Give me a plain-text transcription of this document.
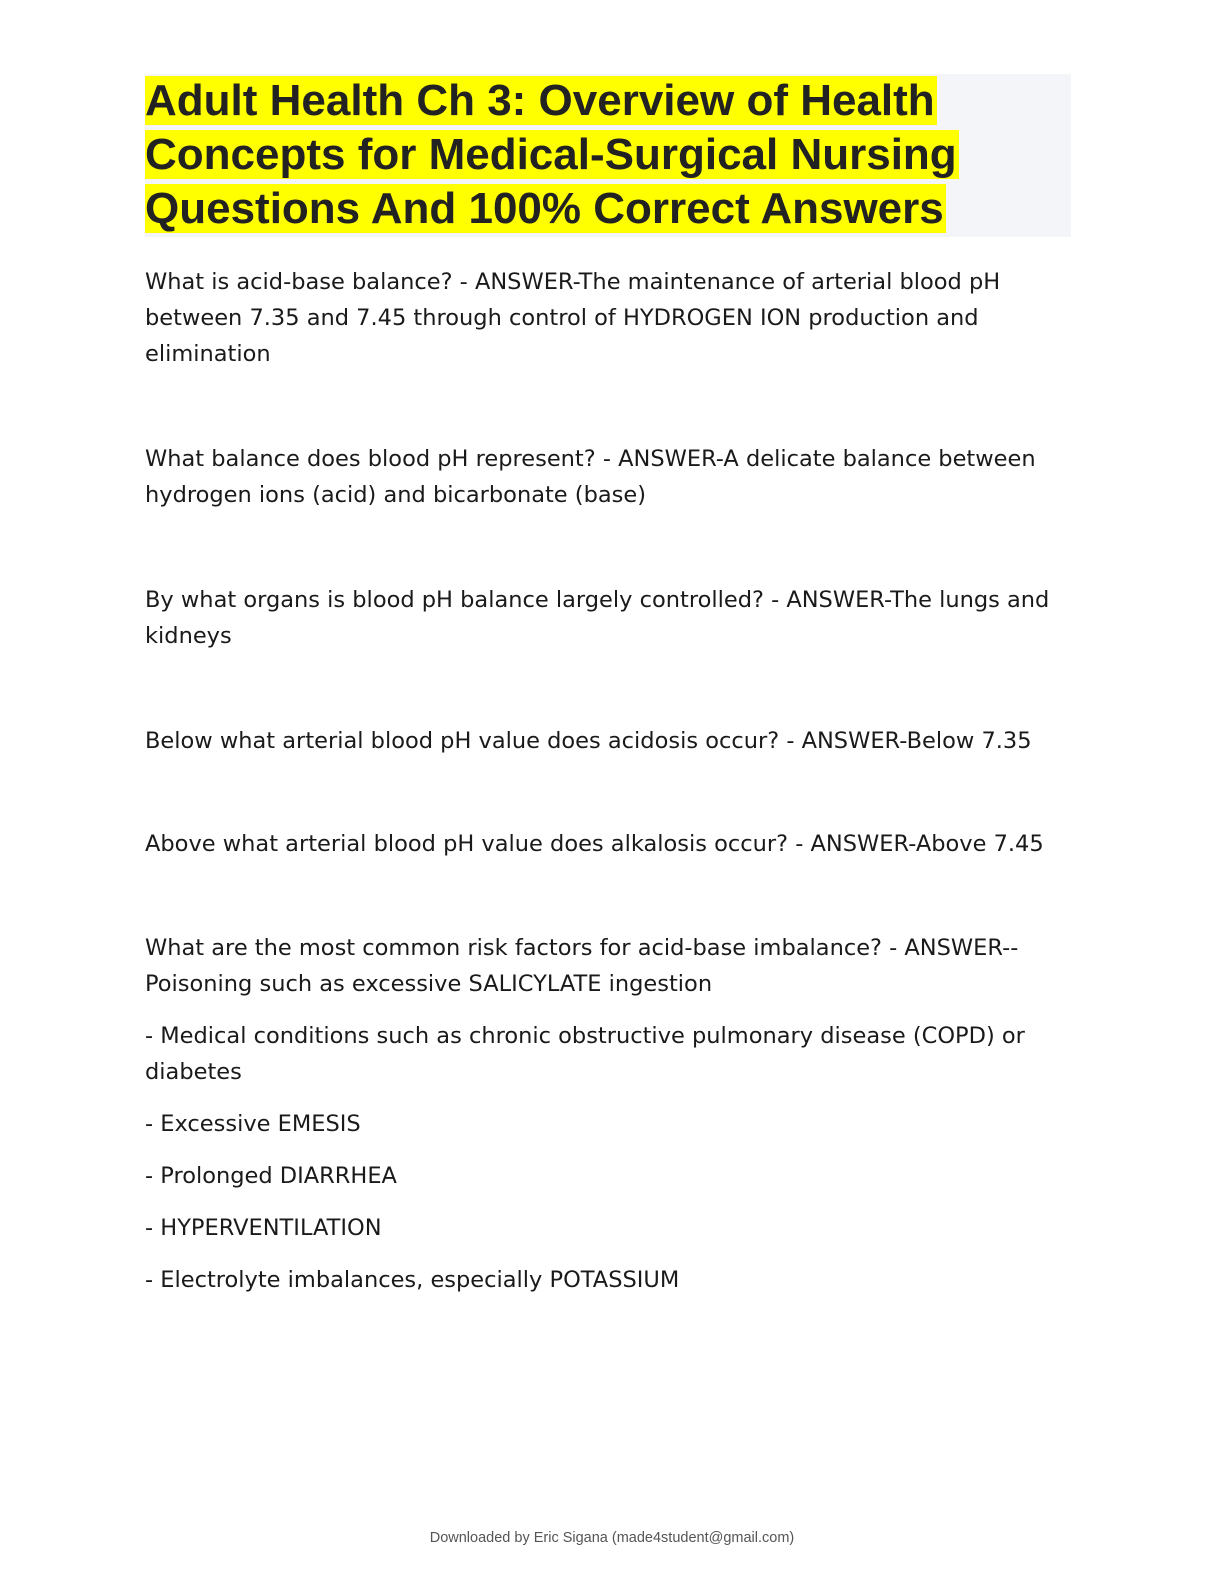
Adult Health Ch 3: Overview of Health Concepts for Medical-Surgical Nursing Questions And 100% Correct Answers

What is acid-base balance? - ANSWER-The maintenance of arterial blood pH between 7.35 and 7.45 through control of HYDROGEN ION production and elimination

What balance does blood pH represent? - ANSWER-A delicate balance between hydrogen ions (acid) and bicarbonate (base)

By what organs is blood pH balance largely controlled? - ANSWER-The lungs and kidneys

Below what arterial blood pH value does acidosis occur? - ANSWER-Below 7.35

Above what arterial blood pH value does alkalosis occur? - ANSWER-Above 7.45

What are the most common risk factors for acid-base imbalance? - ANSWER-- Poisoning such as excessive SALICYLATE ingestion

- Medical conditions such as chronic obstructive pulmonary disease (COPD) or diabetes

- Excessive EMESIS

- Prolonged DIARRHEA

- HYPERVENTILATION

- Electrolyte imbalances, especially POTASSIUM

Downloaded by Eric Sigana (made4student@gmail.com)
